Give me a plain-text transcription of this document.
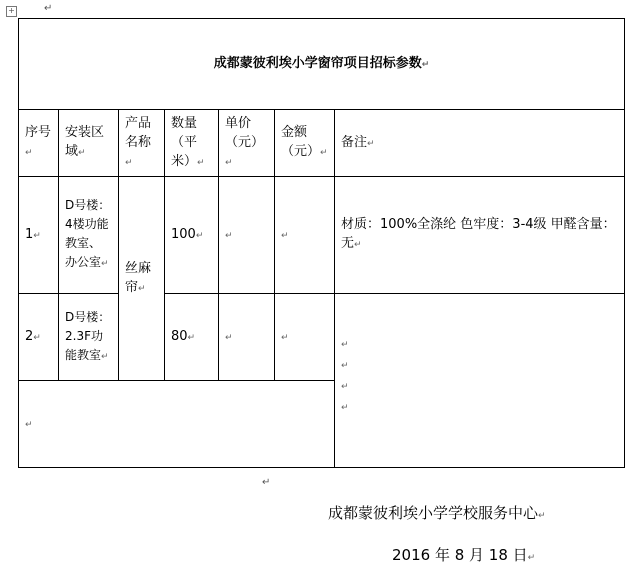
+	↵
成都蒙彼利埃小学窗帘项目招标参数↵						
序号↵	安装区域↵	产品名称↵	数量（平米）↵	单价（元）↵	金额（元）↵	备注↵
1↵	D号楼：4楼功能教室、办公室↵	丝麻帘↵	100↵	↵	↵	材质：100%全涤纶 色牢度：3-4级 甲醛含量：无↵
2↵	D号楼：2.3F功能教室↵		80↵	↵	↵	↵
↵
↵
↵
↵						
↵
成都蒙彼利埃小学学校服务中心↵
2016 年 8 月 18 日↵
